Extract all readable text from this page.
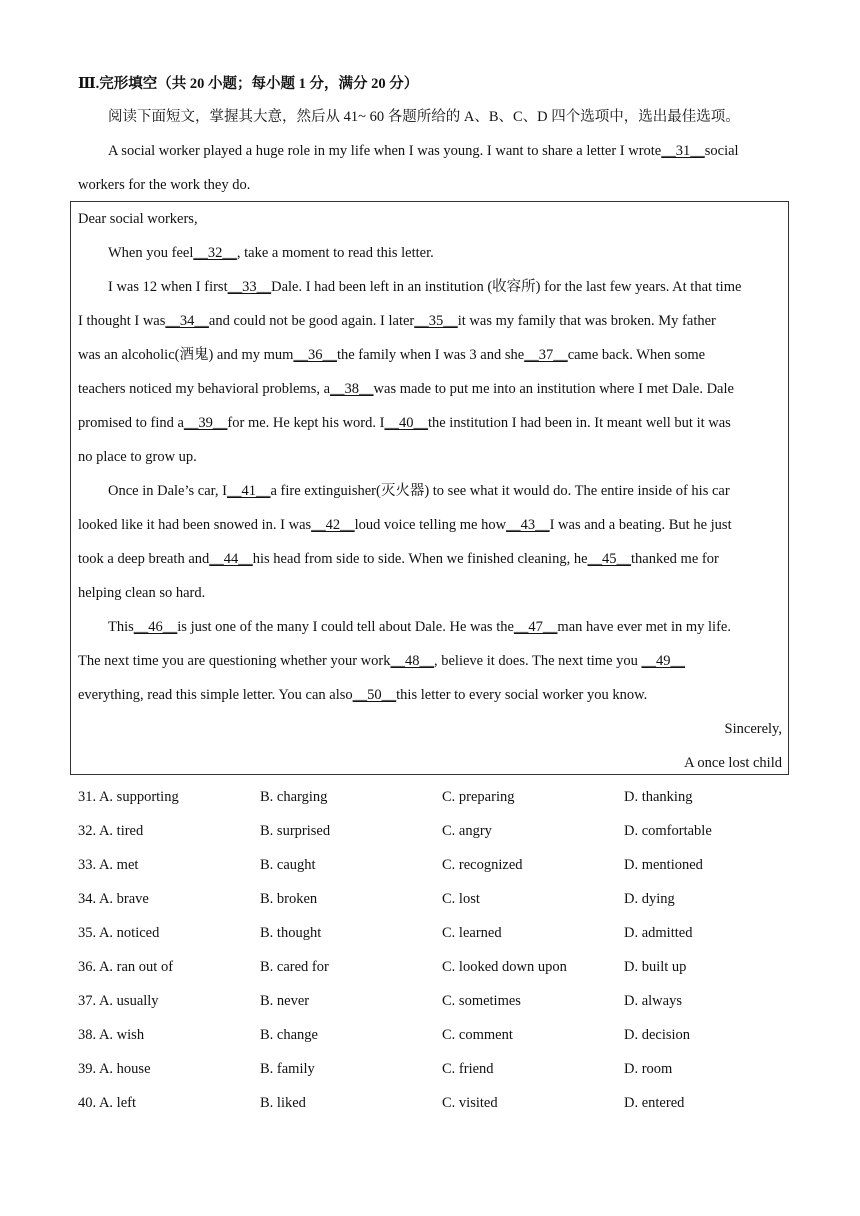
Ⅲ.完形填空（共 20 小题；每小题 1 分，满分 20 分）
阅读下面短文，掌握其大意，然后从 41~ 60 各题所给的 A、B、C、D 四个选项中，选出最佳选项。
A social worker played a huge role in my life when I was young. I want to share a letter I wrote__31__social
workers for the work they do.
Dear social workers,
When you feel__32__, take a moment to read this letter.
I was 12 when I first__33__Dale. I had been left in an institution (收容所) for the last few years. At that time
I thought I was__34__and could not be good again. I later__35__it was my family that was broken. My father
was an alcoholic(酒鬼) and my mum__36__the family when I was 3 and she__37__came back. When some
teachers noticed my behavioral problems, a__38__was made to put me into an institution where I met Dale. Dale
promised to find a__39__for me. He kept his word. I__40__the institution I had been in. It meant well but it was
no place to grow up.
Once in Dale’s car, I__41__a fire extinguisher(灭火器) to see what it would do. The entire inside of his car
looked like it had been snowed in. I was__42__loud voice telling me how__43__I was and a beating. But he just
took a deep breath and__44__his head from side to side. When we finished cleaning, he__45__thanked me for
helping clean so hard.
This__46__is just one of the many I could tell about Dale. He was the__47__man have ever met in my life.
The next time you are questioning whether your work__48__, believe it does. The next time you __49__
everything, read this simple letter. You can also__50__this letter to every social worker you know.
Sincerely,
A once lost child
31. A. supporting	B. charging	C. preparing	D. thanking
32. A. tired	B. surprised	C. angry	D. comfortable
33. A. met	B. caught	C. recognized	D. mentioned
34. A. brave	B. broken	C. lost	D. dying
35. A. noticed	B. thought	C. learned	D. admitted
36. A. ran out of	B. cared for	C. looked down upon	D. built up
37. A. usually	B. never	C. sometimes	D. always
38. A. wish	B. change	C. comment	D. decision
39. A. house	B. family	C. friend	D. room
40. A. left	B. liked	C. visited	D. entered
